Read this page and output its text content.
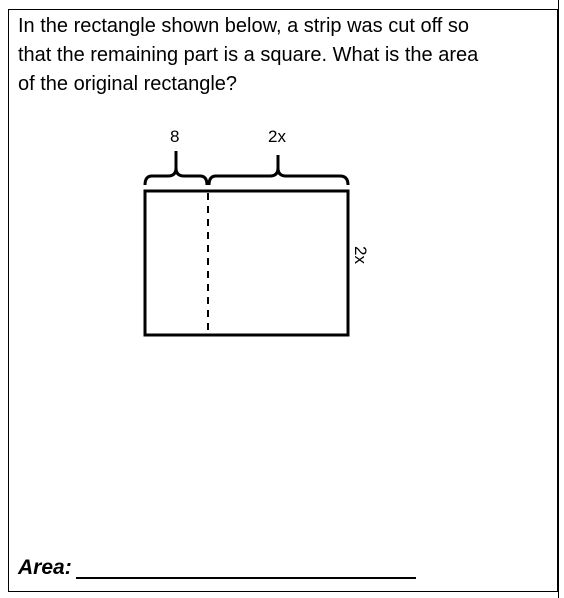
In the rectangle shown below, a strip was cut off so
that the remaining part is a square. What is the area
of the original rectangle?
8	2x
2x
Area:
